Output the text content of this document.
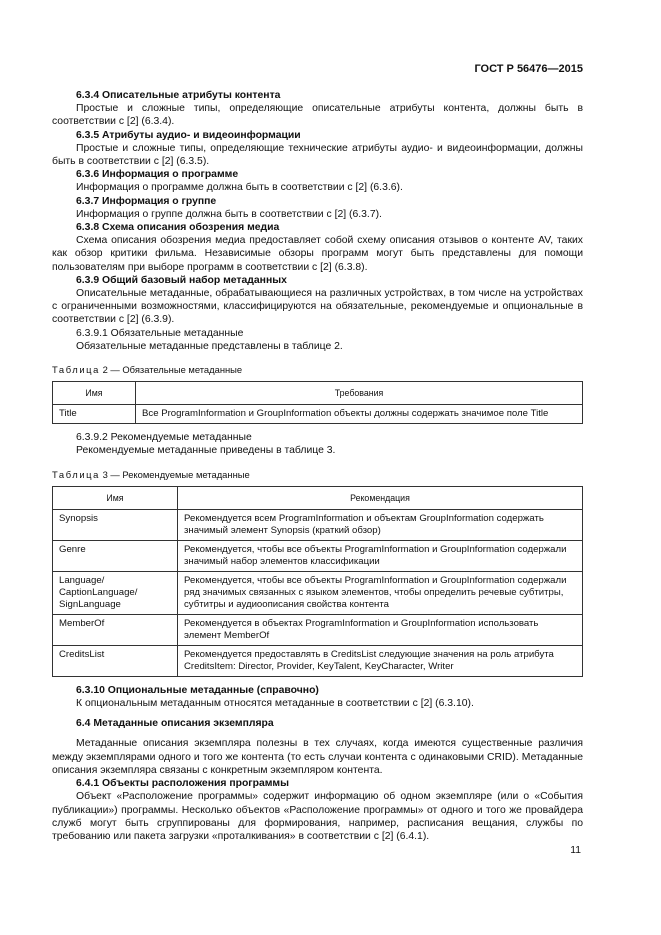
ГОСТ Р 56476—2015
6.3.4 Описательные атрибуты контента
Простые и сложные типы, определяющие описательные атрибуты контента, должны быть в соответствии с [2] (6.3.4).
6.3.5 Атрибуты аудио- и видеоинформации
Простые и сложные типы, определяющие технические атрибуты аудио- и видеоинформации, должны быть в соответствии с [2] (6.3.5).
6.3.6 Информация о программе
Информация о программе должна быть в соответствии с [2] (6.3.6).
6.3.7 Информация о группе
Информация о группе должна быть в соответствии с [2] (6.3.7).
6.3.8 Схема описания обозрения медиа
Схема описания обозрения медиа предоставляет собой схему описания отзывов о контенте AV, таких как обзор критики фильма. Независимые обзоры программ могут быть представлены для помощи пользователям при выборе программ в соответствии с [2] (6.3.8).
6.3.9 Общий базовый набор метаданных
Описательные метаданные, обрабатывающиеся на различных устройствах, в том числе на устройствах с ограниченными возможностями, классифицируются на обязательные, рекомендуемые и опциональные в соответствии с [2] (6.3.9).
6.3.9.1 Обязательные метаданные
Обязательные метаданные представлены в таблице 2.
Таблица 2 — Обязательные метаданные
Имя	Требования
Title	Все ProgramInformation и GroupInformation объекты должны содержать значимое поле Title
6.3.9.2 Рекомендуемые метаданные
Рекомендуемые метаданные приведены в таблице 3.
Таблица 3 — Рекомендуемые метаданные
Имя	Рекомендация
Synopsis	Рекомендуется всем ProgramInformation и объектам GroupInformation содержать значимый элемент Synopsis (краткий обзор)
Genre	Рекомендуется, чтобы все объекты ProgramInformation и GroupInformation содержали значимый набор элементов классификации
Language/ CaptionLanguage/ SignLanguage	Рекомендуется, чтобы все объекты ProgramInformation и GroupInformation содержали ряд значимых связанных с языком элементов, чтобы определить речевые субтитры, субтитры и аудиоописания свойства контента
MemberOf	Рекомендуется в объектах ProgramInformation и GroupInformation использовать элемент MemberOf
CreditsList	Рекомендуется предоставлять в CreditsList следующие значения на роль атрибута CreditsItem: Director, Provider, KeyTalent, KeyCharacter, Writer
6.3.10 Опциональные метаданные (справочно)
К опциональным метаданным относятся метаданные в соответствии с [2] (6.3.10).
6.4 Метаданные описания экземпляра
Метаданные описания экземпляра полезны в тех случаях, когда имеются существенные различия между экземплярами одного и того же контента (то есть случаи контента с одинаковыми CRID). Метаданные описания экземпляра связаны с конкретным экземпляром контента.
6.4.1 Объекты расположения программы
Объект «Расположение программы» содержит информацию об одном экземпляре (или о «События публикации») программы. Несколько объектов «Расположение программы» от одного и того же провайдера служб могут быть сгруппированы для формирования, например, расписания вещания, службы по требованию или пакета загрузки «проталкивания» в соответствии с [2] (6.4.1).
11
